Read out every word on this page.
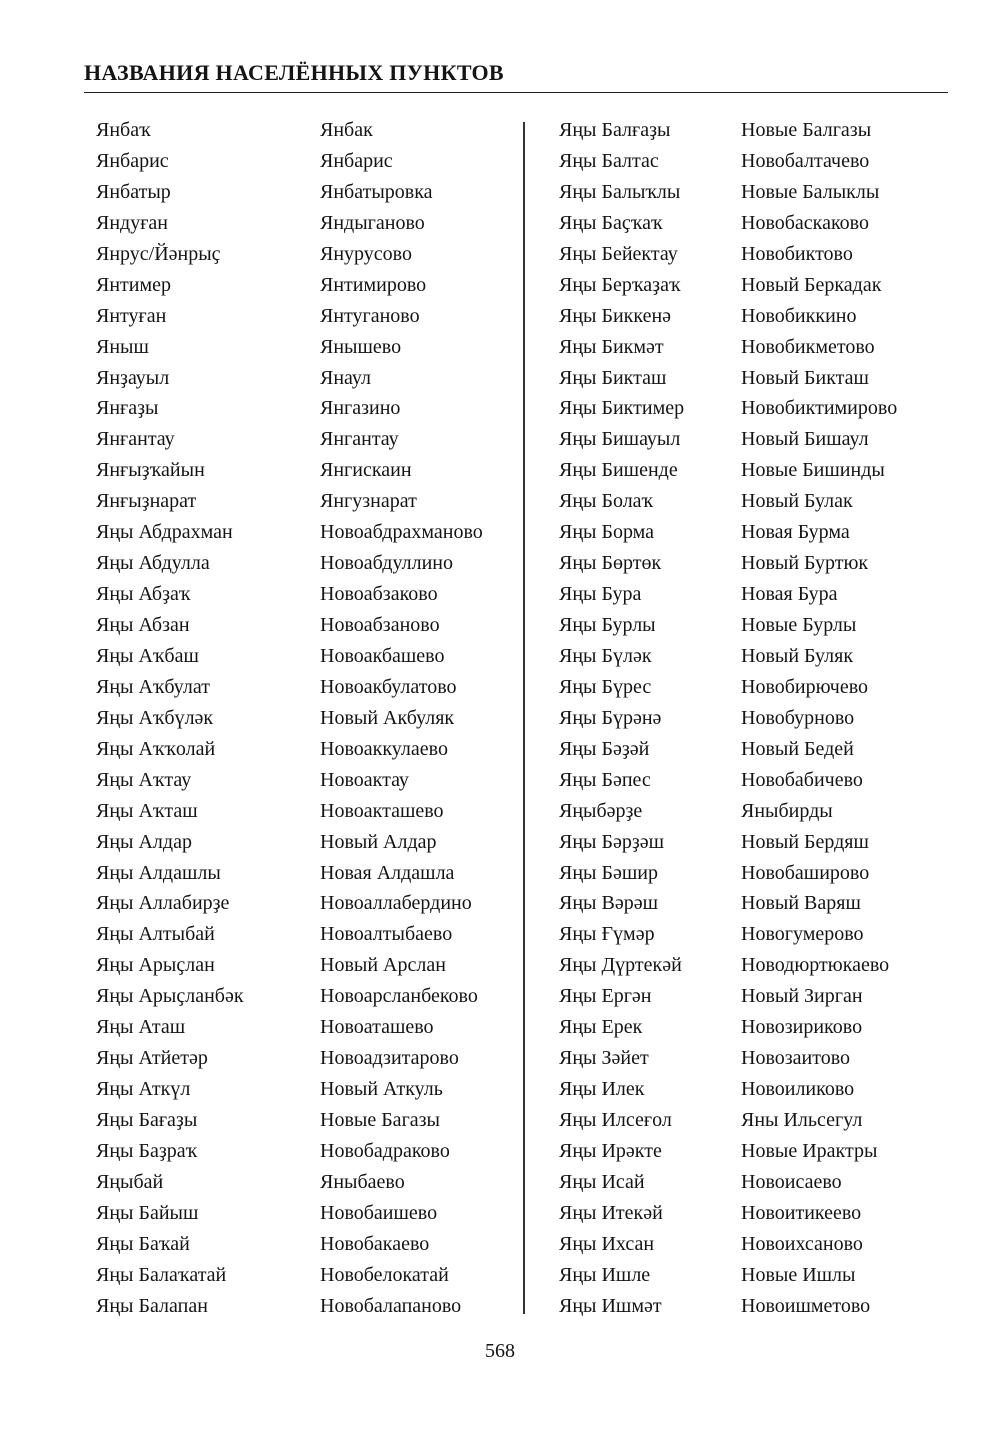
НАЗВАНИЯ НАСЕЛЁННЫХ ПУНКТОВ
Янбаҡ
Янбарис
Янбатыр
Яндуған
Янрус/Йәнрыҫ
Янтимер
Янтуған
Яныш
Янҙауыл
Янғаҙы
Янғантау
Янғыҙҡайын
Янғыҙнарат
Яңы Абдрахман
Яңы Абдулла
Яңы Абҙаҡ
Яңы Абзан
Яңы Аҡбаш
Яңы Аҡбулат
Яңы Аҡбүләк
Яңы Аҡҡолай
Яңы Аҡтау
Яңы Аҡташ
Яңы Алдар
Яңы Алдашлы
Яңы Аллабирҙе
Яңы Алтыбай
Яңы Арыҫлан
Яңы Арыҫланбәк
Яңы Аташ
Яңы Атйетәр
Яңы Аткүл
Яңы Бағаҙы
Яңы Баҙраҡ
Яңыбай
Яңы Байыш
Яңы Баҡай
Яңы Балаҡатай
Яңы Балапан
Янбак
Янбарис
Янбатыровка
Яндыганово
Янурусово
Янтимирово
Янтуганово
Янышево
Янаул
Янгазино
Янгантау
Янгискаин
Янгузнарат
Новоабдрахманово
Новоабдуллино
Новоабзаково
Новоабзаново
Новоакбашево
Новоакбулатово
Новый Акбуляк
Новоаккулаево
Новоактау
Новоакташево
Новый Алдар
Новая Алдашла
Новоаллабердино
Новоалтыбаево
Новый Арслан
Новоарсланбеково
Новоаташево
Новоадзитарово
Новый Аткуль
Новые Багазы
Новобадраково
Яныбаево
Новобаишево
Новобакаево
Новобелокатай
Новобалапаново
Яңы Балғаҙы
Яңы Балтас
Яңы Балыҡлы
Яңы Баҫҡаҡ
Яңы Бейектау
Яңы Берҡаҙаҡ
Яңы Биккенә
Яңы Бикмәт
Яңы Бикташ
Яңы Биктимер
Яңы Бишауыл
Яңы Бишенде
Яңы Болаҡ
Яңы Борма
Яңы Бөртөк
Яңы Бура
Яңы Бурлы
Яңы Бүләк
Яңы Бүрес
Яңы Бүрәнә
Яңы Бәҙәй
Яңы Бәпес
Яңыбәрҙе
Яңы Бәрҙәш
Яңы Бәшир
Яңы Вәрәш
Яңы Ғүмәр
Яңы Дүртекәй
Яңы Ергән
Яңы Ерек
Яңы Зәйет
Яңы Илек
Яңы Илсеғол
Яңы Ирәкте
Яңы Исай
Яңы Итекәй
Яңы Ихсан
Яңы Ишле
Яңы Ишмәт
Новые Балгазы
Новобалтачево
Новые Балыклы
Новобаскаково
Новобиктово
Новый Беркадак
Новобиккино
Новобикметово
Новый Бикташ
Новобиктимирово
Новый Бишаул
Новые Бишинды
Новый Булак
Новая Бурма
Новый Буртюк
Новая Бура
Новые Бурлы
Новый Буляк
Новобирючево
Новобурново
Новый Бедей
Новобабичево
Яныбирды
Новый Бердяш
Новобаширово
Новый Варяш
Новогумерово
Новодюртюкаево
Новый Зирган
Новозириково
Новозаитово
Новоиликово
Яны Ильсегул
Новые Ирактры
Новоисаево
Новоитикеево
Новоихсаново
Новые Ишлы
Новоишметово
568
